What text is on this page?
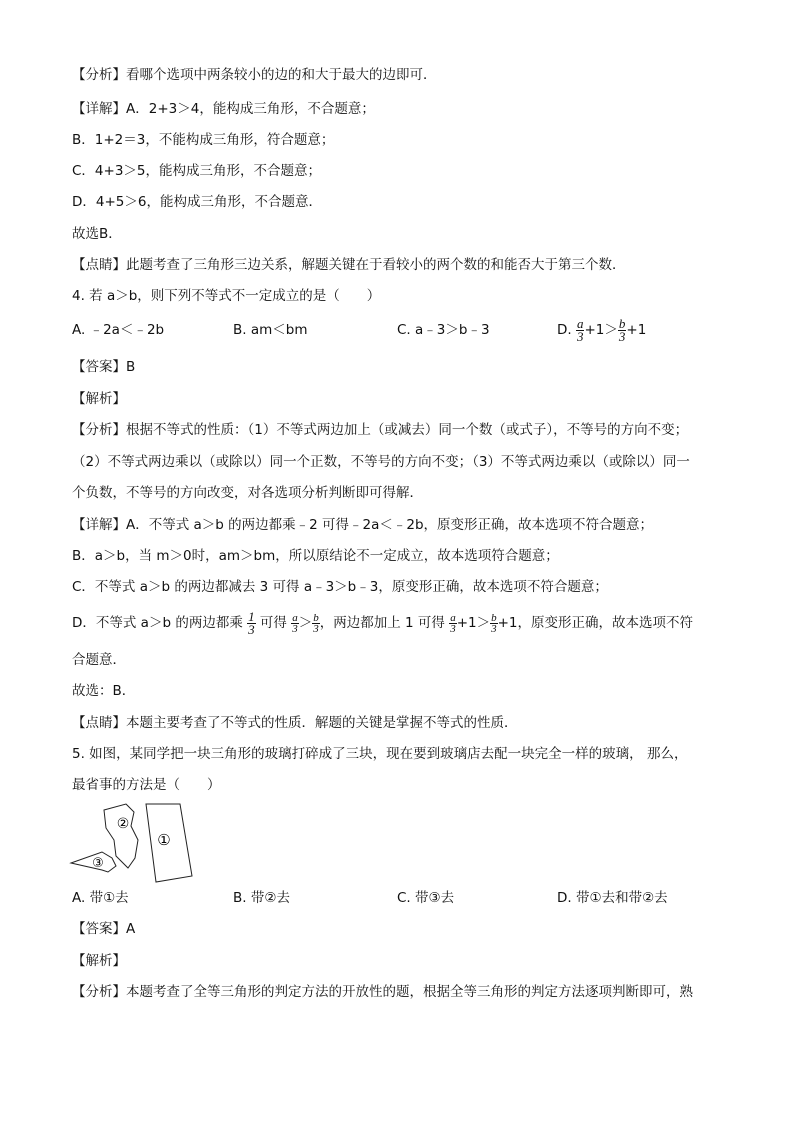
【分析】看哪个选项中两条较小的边的和大于最大的边即可．
【详解】A．2+3＞4，能构成三角形，不合题意；
B．1+2＝3，不能构成三角形，符合题意；
C．4+3＞5，能构成三角形，不合题意；
D．4+5＞6，能构成三角形，不合题意．
故选B．
【点睛】此题考查了三角形三边关系，解题关键在于看较小的两个数的和能否大于第三个数．
4. 若 a＞b，则下列不等式不一定成立的是（　　）
A. ﹣2a＜﹣2b	B. am＜bm	C. a﹣3＞b﹣3	D. $\frac{a}{3} +1> \frac{b}{3} +1$
【答案】B
【解析】
【分析】根据不等式的性质：（1）不等式两边加上（或减去）同一个数（或式子），不等号的方向不变；
（2）不等式两边乘以（或除以）同一个正数，不等号的方向不变；（3）不等式两边乘以（或除以）同一
个负数，不等号的方向改变，对各选项分析判断即可得解．
【详解】A．不等式 a＞b 的两边都乘﹣2 可得﹣2a＜﹣2b，原变形正确，故本选项不符合题意；
B．a＞b，当 m＞0时，am＞bm，所以原结论不一定成立，故本选项符合题意；
C．不等式 a＞b 的两边都减去 3 可得 a﹣3＞b﹣3，原变形正确，故本选项不符合题意；
D．不等式 a＞b 的两边都乘 $\frac{1}{3}$ 可得 $\frac{a}{3} > \frac{b}{3}$ ，两边都加上 1 可得 $\frac{a}{3} +1> \frac{b}{3} +1$，原变形正确，故本选项不符
合题意．
故选：B．
【点睛】本题主要考查了不等式的性质．解题的关键是掌握不等式的性质．
5. 如图，某同学把一块三角形的玻璃打碎成了三块，现在要到玻璃店去配一块完全一样的玻璃， 那么，
最省事的方法是（　　）
①
②
③
A. 带①去	B. 带②去	C. 带③去	D. 带①去和带②去
【答案】A
【解析】
【分析】本题考查了全等三角形的判定方法的开放性的题，根据全等三角形的判定方法逐项判断即可，熟
